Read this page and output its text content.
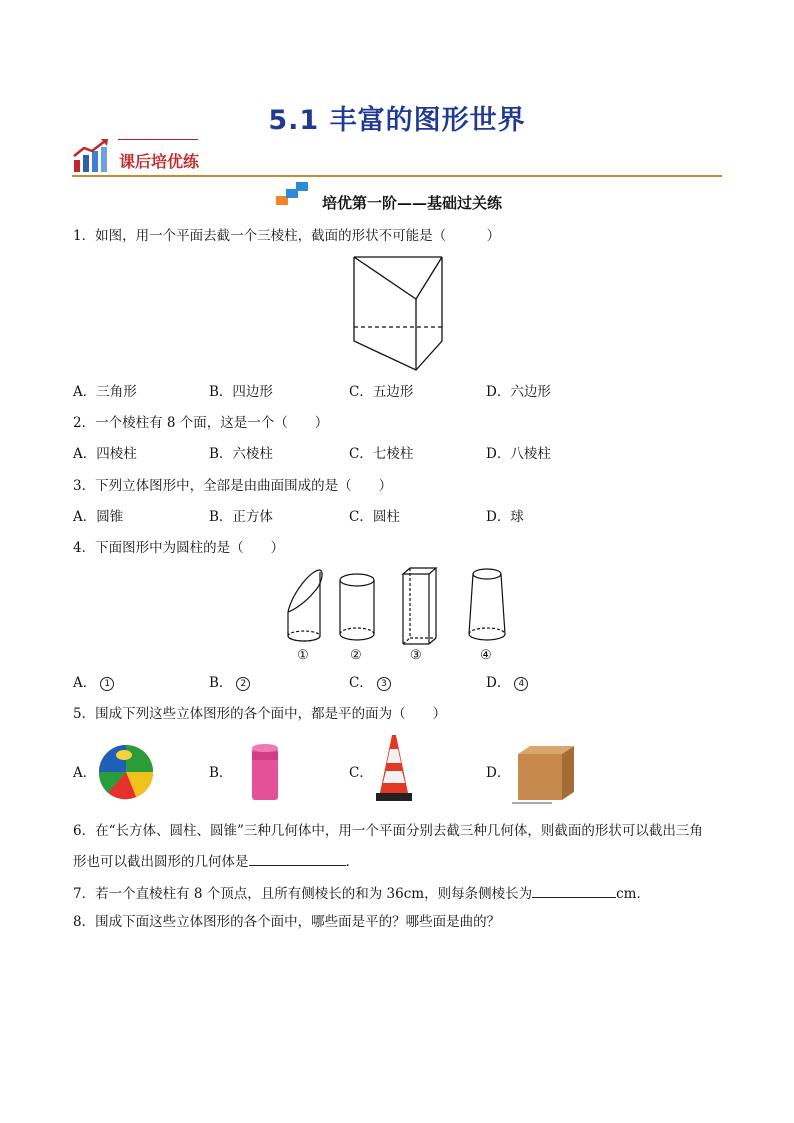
5.1 丰富的图形世界
课后培优练
培优第一阶——基础过关练
1．如图，用一个平面去截一个三棱柱，截面的形状不可能是（　　　）
A．三角形	B．四边形	C．五边形	D．六边形
2．一个棱柱有 8 个面，这是一个（　　）
A．四棱柱	B．六棱柱	C．七棱柱	D．八棱柱
3．下列立体图形中，全部是由曲面围成的是（　　）
A．圆锥	B．正方体	C．圆柱	D．球
4．下面图形中为圆柱的是（　　）
①	②	③	④
A． 1	B． 2	C． 3	D． 4
5．围成下列这些立体图形的各个面中，都是平的面为（　　）
A．	B．	C．	D．
6．在“长方体、圆柱、圆锥”三种几何体中，用一个平面分别去截三种几何体，则截面的形状可以截出三角
形也可以截出圆形的几何体是	．
7．若一个直棱柱有 8 个顶点，且所有侧棱长的和为 36cm，则每条侧棱长为	cm．
8．围成下面这些立体图形的各个面中，哪些面是平的？哪些面是曲的？
